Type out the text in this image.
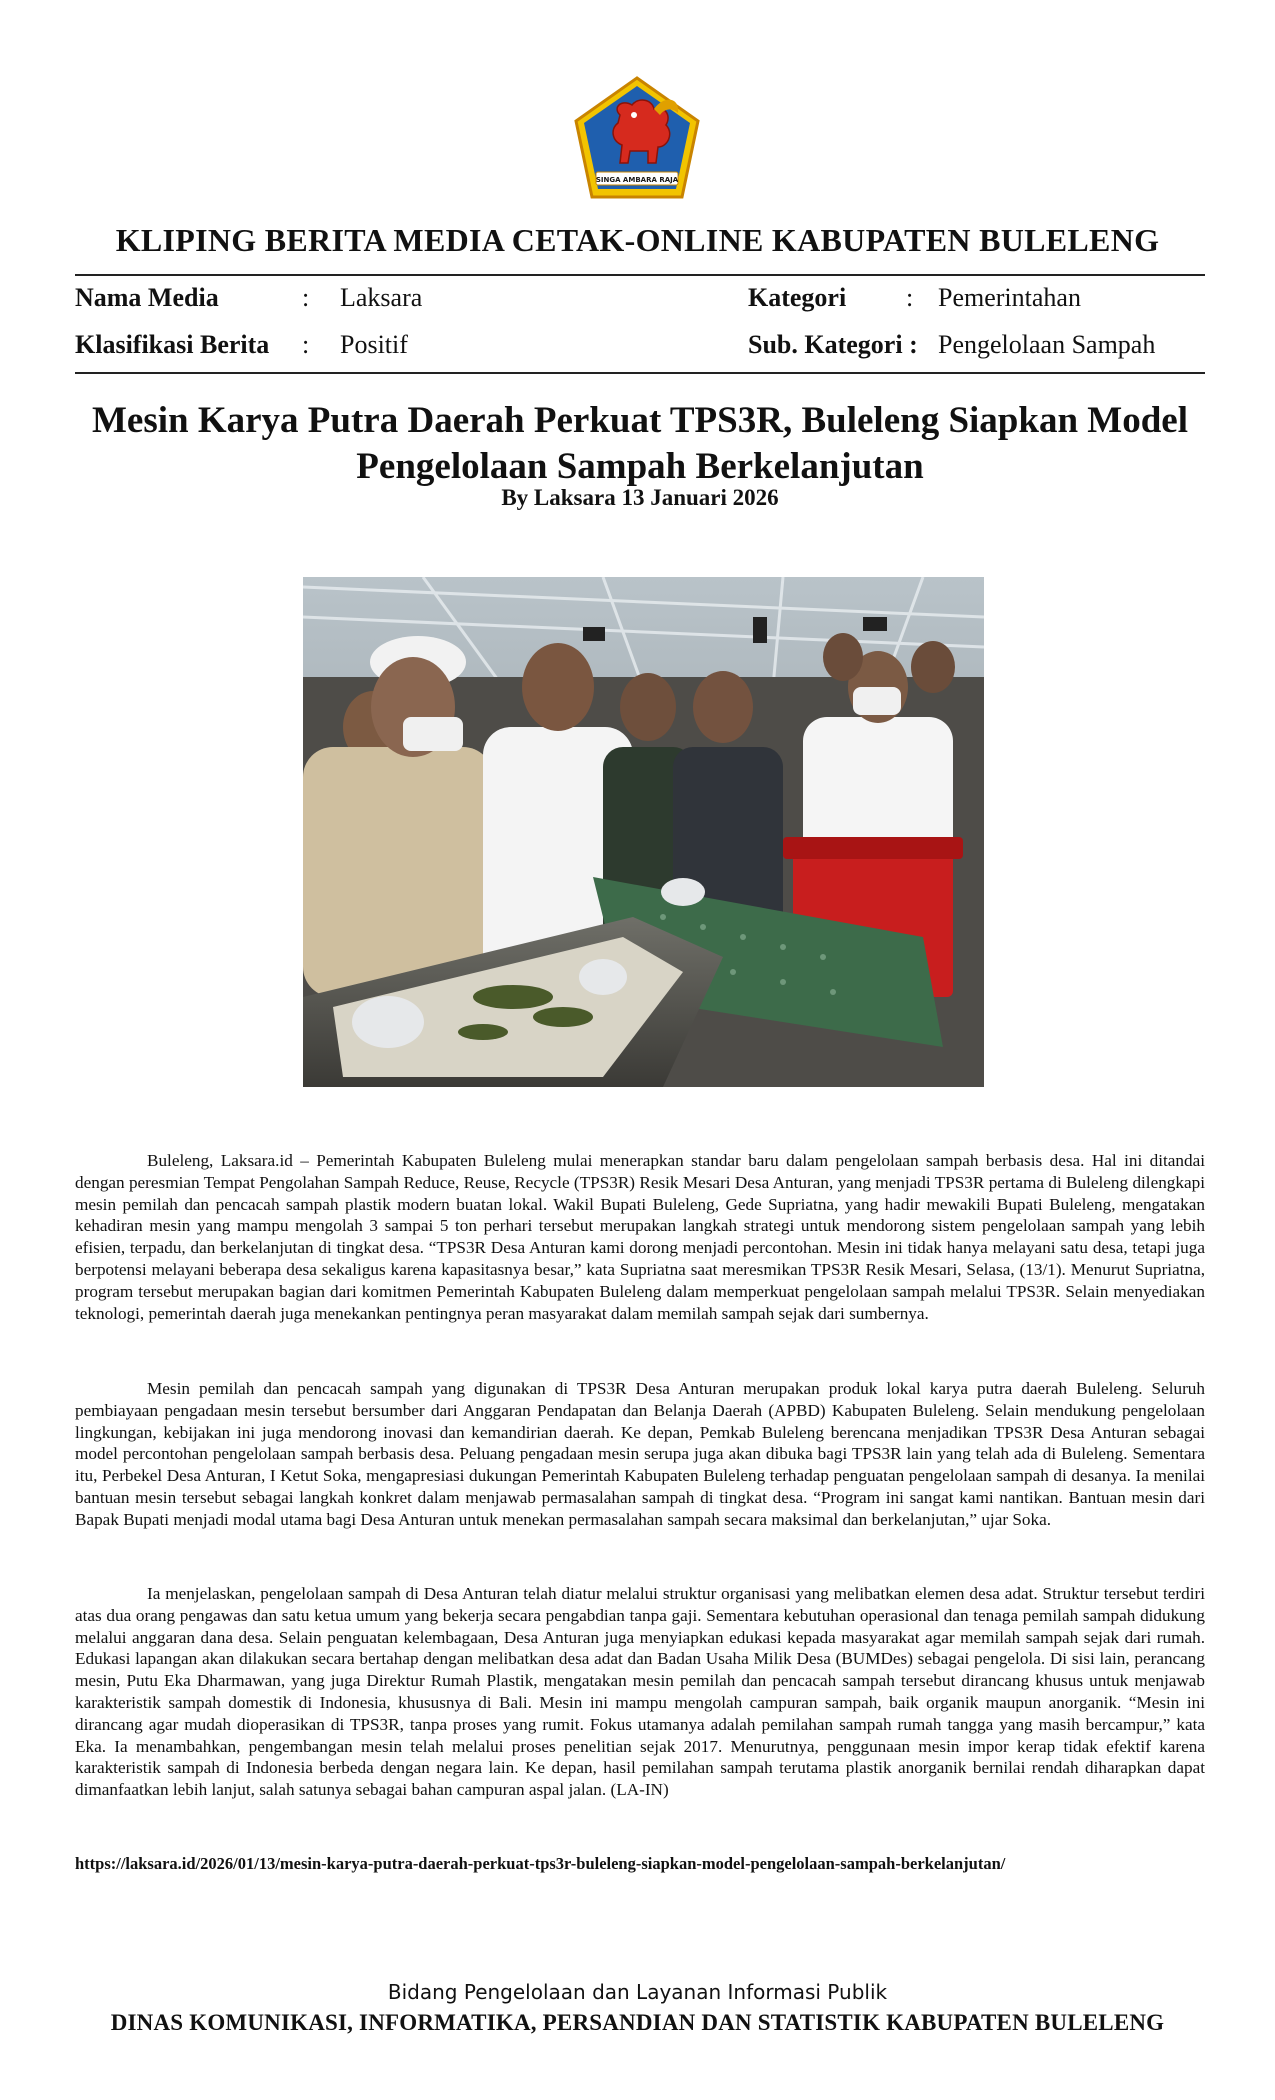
SINGA AMBARA RAJA
KLIPING BERITA MEDIA CETAK-ONLINE KABUPATEN BULELENG
Nama Media	: Laksara	Kategori : Pemerintahan
Klasifikasi Berita : Positif	Sub. Kategori : Pengelolaan Sampah
Mesin Karya Putra Daerah Perkuat TPS3R, Buleleng Siapkan Model
Pengelolaan Sampah Berkelanjutan
By Laksara 13 Januari 2026

Buleleng, Laksara.id – Pemerintah Kabupaten Buleleng mulai menerapkan standar baru dalam pengelolaan sampah berbasis desa. Hal ini ditandai dengan peresmian Tempat Pengolahan Sampah Reduce, Reuse, Recycle (TPS3R) Resik Mesari Desa Anturan, yang menjadi TPS3R pertama di Buleleng dilengkapi mesin pemilah dan pencacah sampah plastik modern buatan lokal. Wakil Bupati Buleleng, Gede Supriatna, yang hadir mewakili Bupati Buleleng, mengatakan kehadiran mesin yang mampu mengolah 3 sampai 5 ton perhari tersebut merupakan langkah strategi untuk mendorong sistem pengelolaan sampah yang lebih efisien, terpadu, dan berkelanjutan di tingkat desa. “TPS3R Desa Anturan kami dorong menjadi percontohan. Mesin ini tidak hanya melayani satu desa, tetapi juga berpotensi melayani beberapa desa sekaligus karena kapasitasnya besar,” kata Supriatna saat meresmikan TPS3R Resik Mesari, Selasa, (13/1). Menurut Supriatna, program tersebut merupakan bagian dari komitmen Pemerintah Kabupaten Buleleng dalam memperkuat pengelolaan sampah melalui TPS3R. Selain menyediakan teknologi, pemerintah daerah juga menekankan pentingnya peran masyarakat dalam memilah sampah sejak dari sumbernya.

Mesin pemilah dan pencacah sampah yang digunakan di TPS3R Desa Anturan merupakan produk lokal karya putra daerah Buleleng. Seluruh pembiayaan pengadaan mesin tersebut bersumber dari Anggaran Pendapatan dan Belanja Daerah (APBD) Kabupaten Buleleng. Selain mendukung pengelolaan lingkungan, kebijakan ini juga mendorong inovasi dan kemandirian daerah. Ke depan, Pemkab Buleleng berencana menjadikan TPS3R Desa Anturan sebagai model percontohan pengelolaan sampah berbasis desa. Peluang pengadaan mesin serupa juga akan dibuka bagi TPS3R lain yang telah ada di Buleleng. Sementara itu, Perbekel Desa Anturan, I Ketut Soka, mengapresiasi dukungan Pemerintah Kabupaten Buleleng terhadap penguatan pengelolaan sampah di desanya. Ia menilai bantuan mesin tersebut sebagai langkah konkret dalam menjawab permasalahan sampah di tingkat desa. “Program ini sangat kami nantikan. Bantuan mesin dari Bapak Bupati menjadi modal utama bagi Desa Anturan untuk menekan permasalahan sampah secara maksimal dan berkelanjutan,” ujar Soka.

Ia menjelaskan, pengelolaan sampah di Desa Anturan telah diatur melalui struktur organisasi yang melibatkan elemen desa adat. Struktur tersebut terdiri atas dua orang pengawas dan satu ketua umum yang bekerja secara pengabdian tanpa gaji. Sementara kebutuhan operasional dan tenaga pemilah sampah didukung melalui anggaran dana desa. Selain penguatan kelembagaan, Desa Anturan juga menyiapkan edukasi kepada masyarakat agar memilah sampah sejak dari rumah. Edukasi lapangan akan dilakukan secara bertahap dengan melibatkan desa adat dan Badan Usaha Milik Desa (BUMDes) sebagai pengelola. Di sisi lain, perancang mesin, Putu Eka Dharmawan, yang juga Direktur Rumah Plastik, mengatakan mesin pemilah dan pencacah sampah tersebut dirancang khusus untuk menjawab karakteristik sampah domestik di Indonesia, khususnya di Bali. Mesin ini mampu mengolah campuran sampah, baik organik maupun anorganik. “Mesin ini dirancang agar mudah dioperasikan di TPS3R, tanpa proses yang rumit. Fokus utamanya adalah pemilahan sampah rumah tangga yang masih bercampur,” kata Eka. Ia menambahkan, pengembangan mesin telah melalui proses penelitian sejak 2017. Menurutnya, penggunaan mesin impor kerap tidak efektif karena karakteristik sampah di Indonesia berbeda dengan negara lain. Ke depan, hasil pemilahan sampah terutama plastik anorganik bernilai rendah diharapkan dapat dimanfaatkan lebih lanjut, salah satunya sebagai bahan campuran aspal jalan. (LA-IN)

https://laksara.id/2026/01/13/mesin-karya-putra-daerah-perkuat-tps3r-buleleng-siapkan-model-pengelolaan-sampah-berkelanjutan/
Bidang Pengelolaan dan Layanan Informasi Publik
DINAS KOMUNIKASI, INFORMATIKA, PERSANDIAN DAN STATISTIK KABUPATEN BULELENG
